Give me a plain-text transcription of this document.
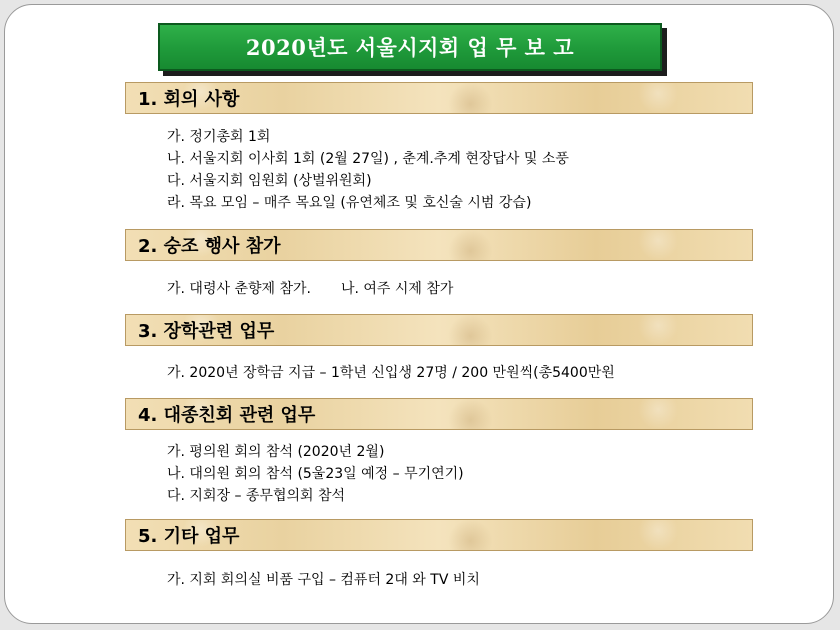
2020년도 서울시지회 업 무 보 고
1. 회의 사항
가. 정기총회 1회
나. 서울지회 이사회 1회 (2월 27일) , 춘계.추계 현장답사 및 소풍
다. 서울지회 임원회 (상벌위원회)
라. 목요 모임 – 매주 목요일 (유연체조 및 호신술 시범 강습)
2. 숭조 행사 참가
가. 대령사 춘향제 참가. 나. 여주 시제 참가
3. 장학관련 업무
가. 2020년 장학금 지급 – 1학년 신입생 27명 / 200 만원씩(총5400만원
4. 대종친회 관련 업무
가. 평의원 회의 참석 (2020년 2월)
나. 대의원 회의 참석 (5울23일 예정 – 무기연기)
다. 지회장 – 종무협의회 참석
5. 기타 업무
가. 지회 회의실 비품 구입 – 컴퓨터 2대 와 TV 비치
